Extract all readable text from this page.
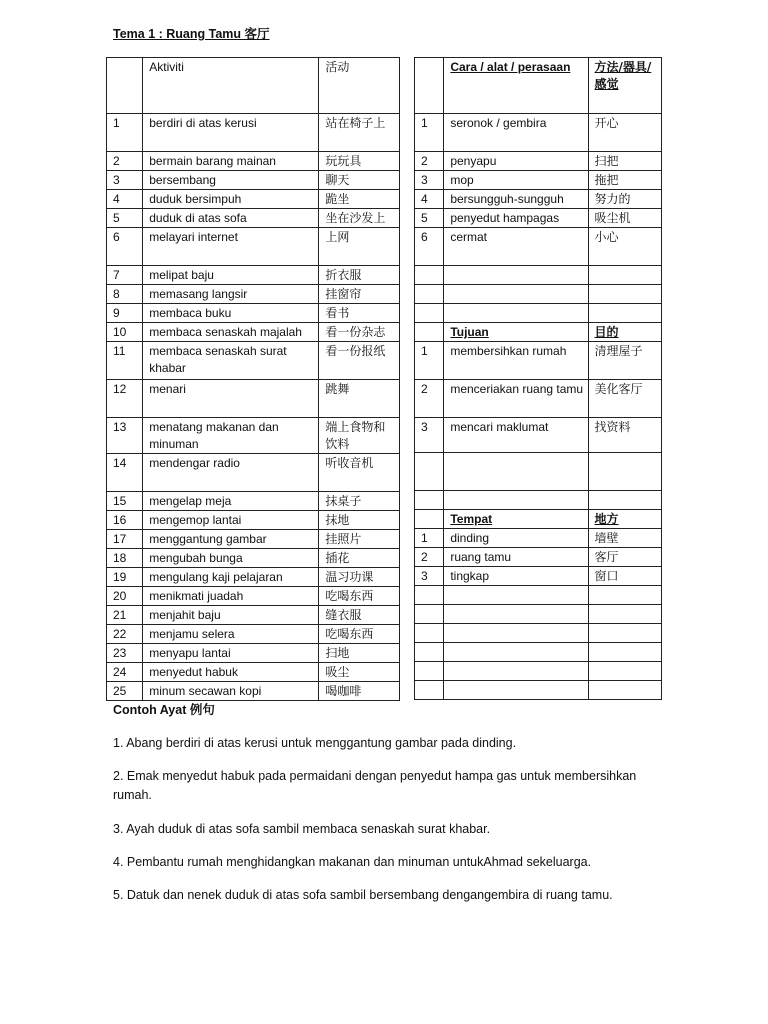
Tema 1 : Ruang Tamu 客厅
	Aktiviti	活动
1	berdiri di atas kerusi	站在椅子上
2	bermain barang mainan	玩玩具
3	bersembang	聊天
4	duduk bersimpuh	跪坐
5	duduk di atas sofa	坐在沙发上
6	melayari internet	上网
7	melipat baju	折衣服
8	memasang langsir	挂窗帘
9	membaca buku	看书
10	membaca senaskah majalah	看一份杂志
11	membaca senaskah surat khabar	看一份报纸
12	menari	跳舞
13	menatang makanan dan minuman	端上食物和饮料
14	mendengar radio	听收音机
15	mengelap meja	抹桌子
16	mengemop lantai	抹地
17	menggantung gambar	挂照片
18	mengubah bunga	插花
19	mengulang kaji pelajaran	温习功课
20	menikmati juadah	吃喝东西
21	menjahit baju	缝衣服
22	menjamu selera	吃喝东西
23	menyapu lantai	扫地
24	menyedut habuk	吸尘
25	minum secawan kopi	喝咖啡
	Cara / alat / perasaan	方法/器具/感觉
1	seronok / gembira	开心
2	penyapu	扫把
3	mop	拖把
4	bersungguh-sungguh	努力的
5	penyedut hampagas	吸尘机
6	cermat	小心

	Tujuan	目的
1	membersihkan rumah	清理屋子
2	menceriakan ruang tamu	美化客厅
3	mencari maklumat	找资料

	Tempat	地方
1	dinding	墙壁
2	ruang tamu	客厅
3	tingkap	窗口

Contoh Ayat 例句
1. Abang berdiri di atas kerusi untuk menggantung gambar pada dinding.
2. Emak menyedut habuk pada permaidani dengan penyedut hampa gas untuk membersihkan rumah.
3. Ayah duduk di atas sofa sambil membaca senaskah surat khabar.
4. Pembantu rumah menghidangkan makanan dan minuman untukAhmad sekeluarga.
5. Datuk dan nenek duduk di atas sofa sambil bersembang dengangembira di ruang tamu.
